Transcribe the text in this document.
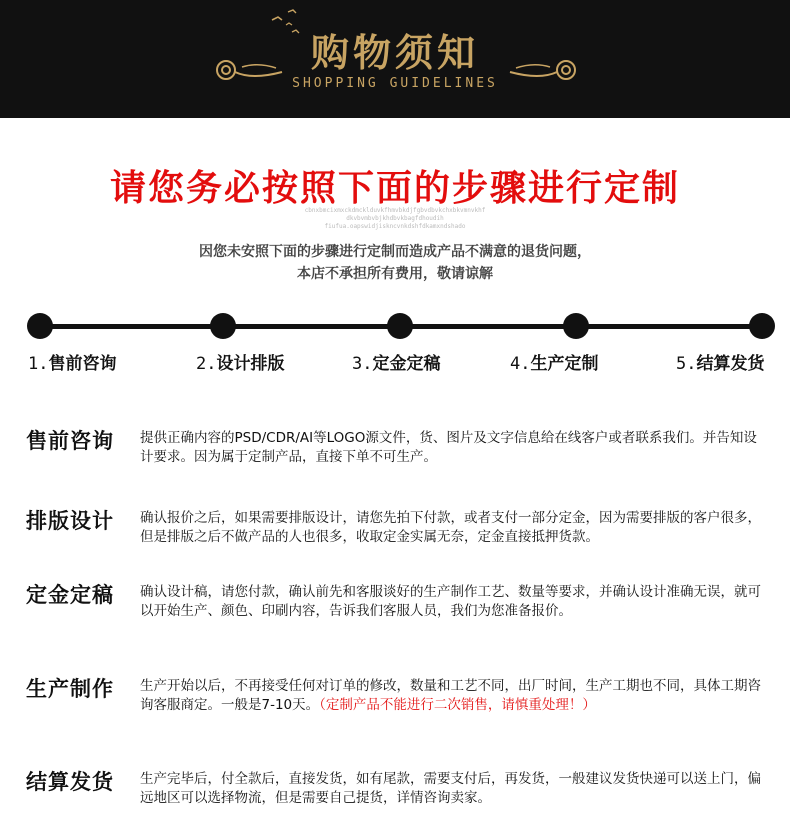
购物须知
SHOPPING GUIDELINES
请您务必按照下面的步骤进行定制
cbnxbmcixmxckdmcklduvkfhmvbkdjfgbvdbvkchxbkvmnvkhf
dkvbvmbvbjkhdbvkbagfdhoudih
fiufua.oapswidjiskncvnkdshfdkamxndshado
因您未安照下面的步骤进行定制而造成产品不满意的退货问题，
本店不承担所有费用，敬请谅解
1.售前咨询	2.设计排版	3.定金定稿	4.生产定制	5.结算发货
售前咨询 提供正确内容的PSD/CDR/AI等LOGO源文件，货、图片及文字信息给在线客户或者联系我们。并告知设计要求。因为属于定制产品，直接下单不可生产。
排版设计 确认报价之后，如果需要排版设计，请您先拍下付款，或者支付一部分定金，因为需要排版的客户很多，但是排版之后不做产品的人也很多，收取定金实属无奈，定金直接抵押货款。
定金定稿 确认设计稿，请您付款，确认前先和客服谈好的生产制作工艺、数量等要求，并确认设计准确无误，就可以开始生产、颜色、印刷内容，告诉我们客服人员，我们为您准备报价。
生产制作 生产开始以后，不再接受任何对订单的修改，数量和工艺不同，出厂时间，生产工期也不同，具体工期咨询客服商定。一般是7-10天。（定制产品不能进行二次销售，请慎重处理！）
结算发货 生产完毕后，付全款后，直接发货，如有尾款，需要支付后，再发货，一般建议发货快递可以送上门，偏远地区可以选择物流，但是需要自己提货，详情咨询卖家。
